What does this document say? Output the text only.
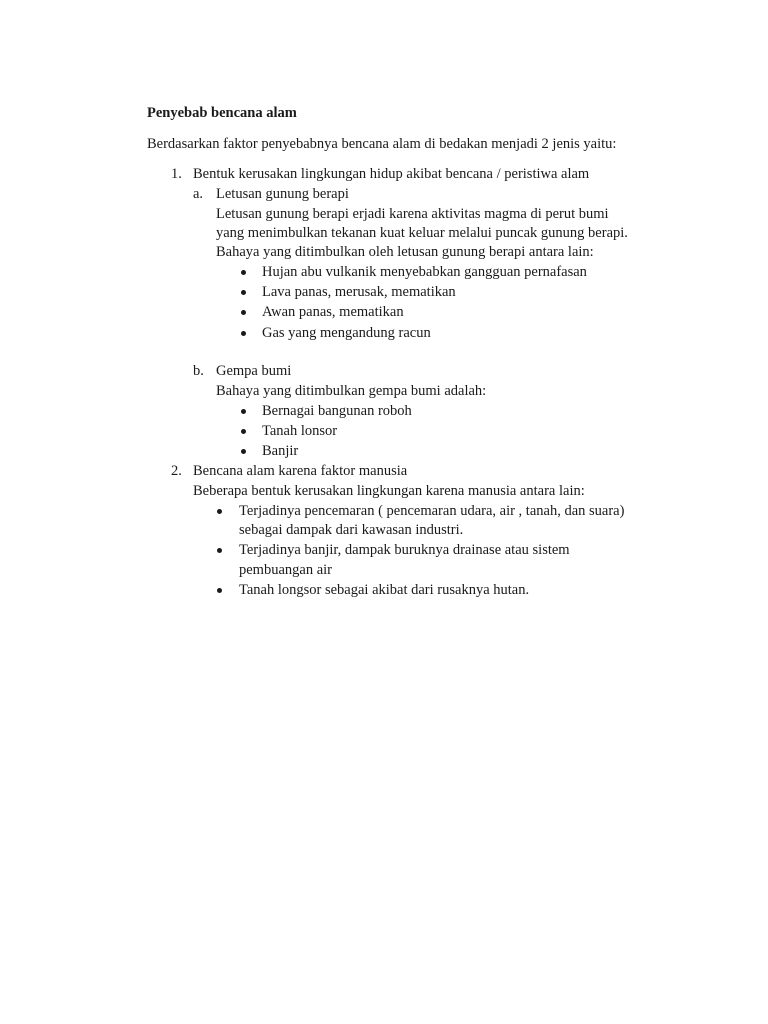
Penyebab bencana alam
Berdasarkan faktor penyebabnya bencana alam di bedakan menjadi 2 jenis yaitu:
1. Bentuk kerusakan lingkungan hidup akibat bencana / peristiwa alam
a. Letusan gunung berapi
Letusan gunung berapi erjadi karena aktivitas magma di perut bumi
yang menimbulkan tekanan kuat keluar melalui puncak gunung berapi.
Bahaya yang ditimbulkan oleh letusan gunung berapi antara lain:
Hujan abu vulkanik menyebabkan gangguan pernafasan
Lava panas, merusak, mematikan
Awan panas, mematikan
Gas yang mengandung racun
b. Gempa bumi
Bahaya yang ditimbulkan gempa bumi adalah:
Bernagai bangunan roboh
Tanah lonsor
Banjir
2. Bencana alam karena faktor manusia
Beberapa bentuk kerusakan lingkungan karena manusia antara lain:
Terjadinya pencemaran ( pencemaran udara, air , tanah, dan suara)
sebagai dampak dari kawasan industri.
Terjadinya banjir, dampak buruknya drainase atau sistem
pembuangan air
Tanah longsor sebagai akibat dari rusaknya hutan.
